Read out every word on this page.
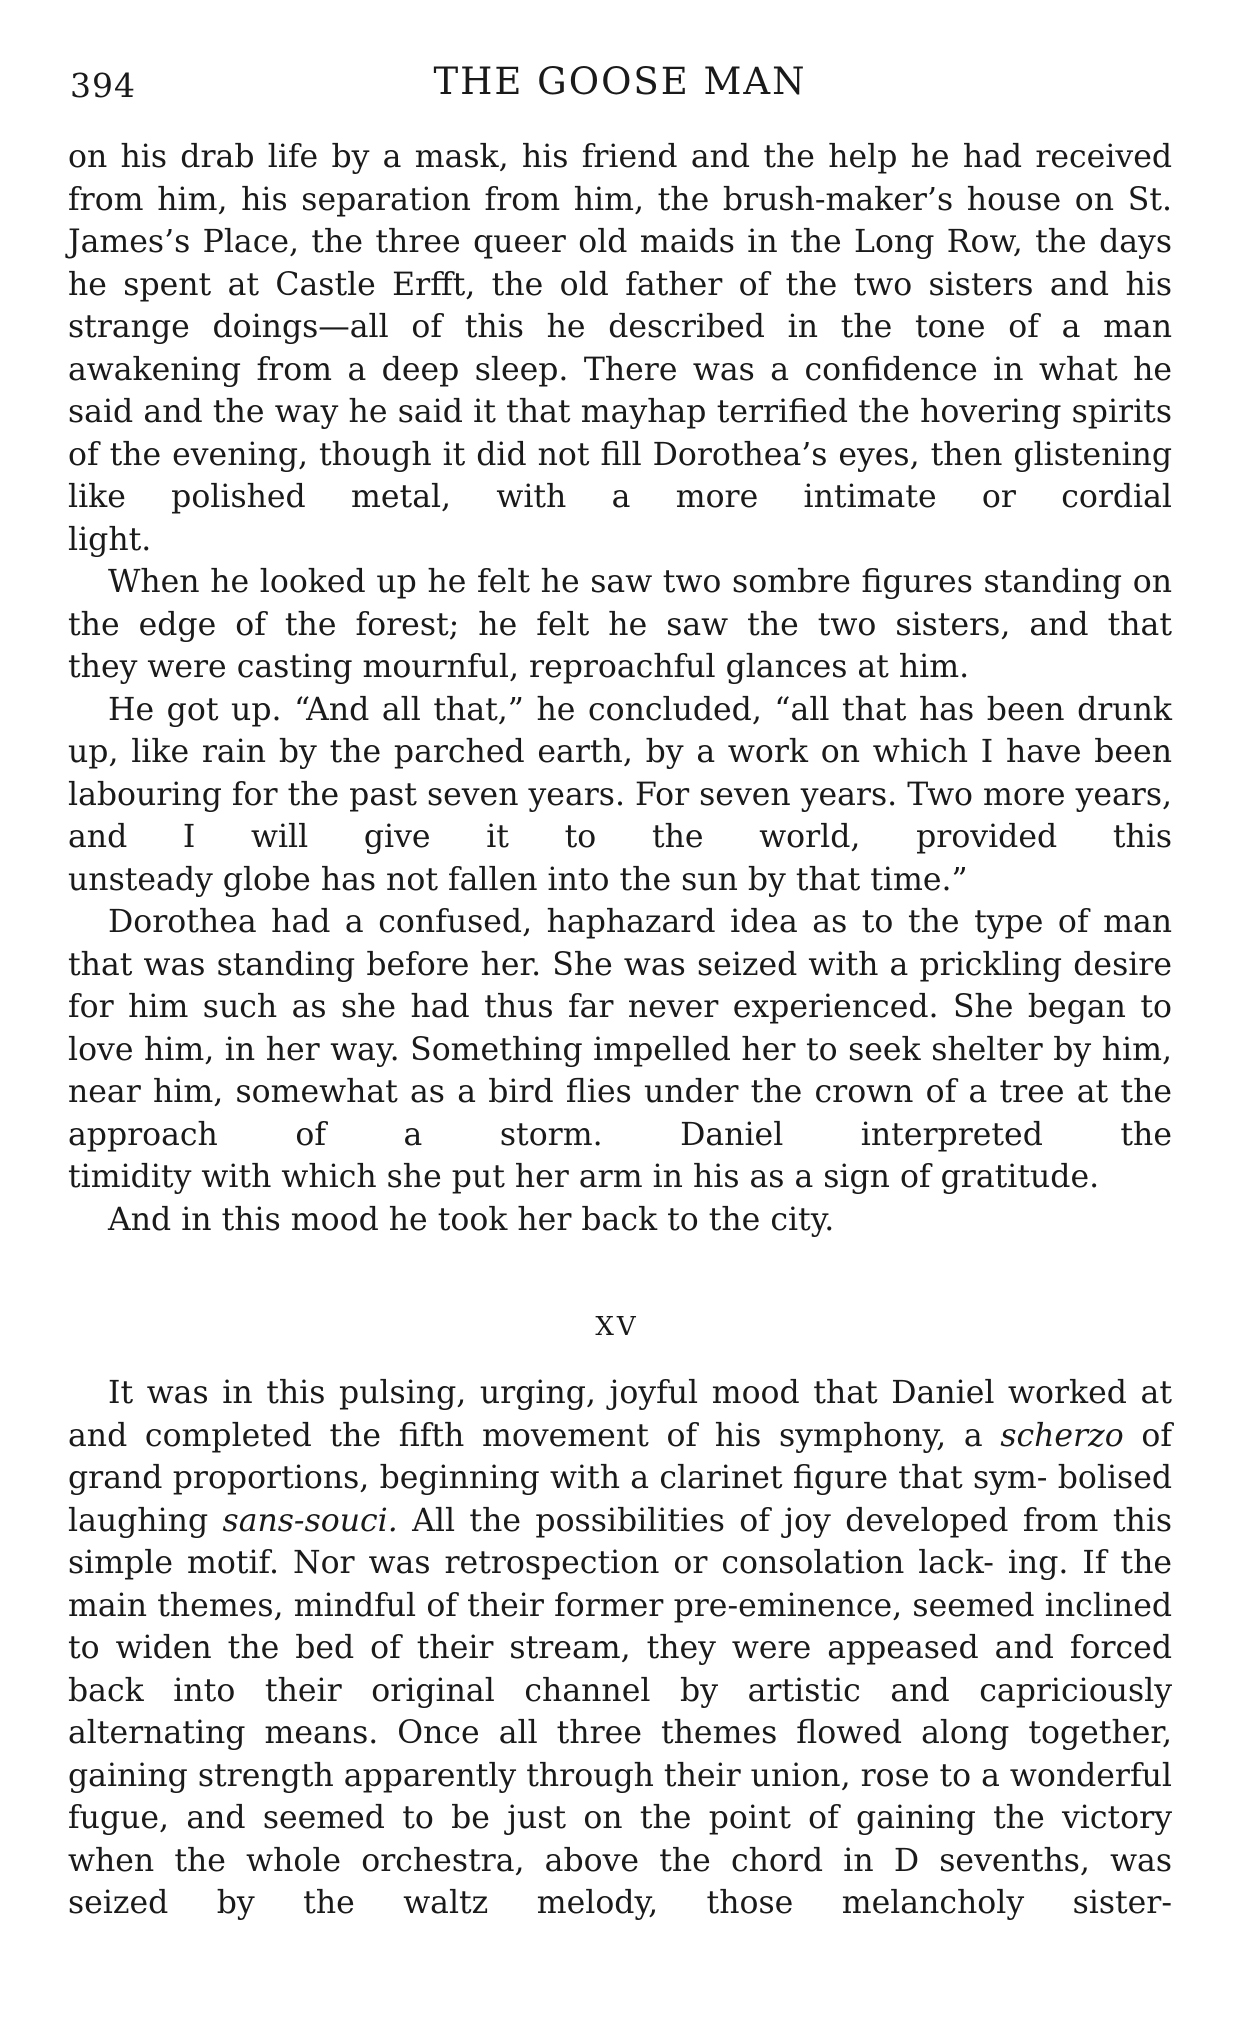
394	THE GOOSE MAN

on his drab life by a mask, his friend and the help he had received from him, his separation from him, the brush-maker’s house on St. James’s Place, the three queer old maids in the Long Row, the days he spent at Castle Erfft, the old father of the two sisters and his strange doings—all of this he described in the tone of a man awakening from a deep sleep. There was a confidence in what he said and the way he said it that mayhap terrified the hovering spirits of the evening, though it did not fill Dorothea’s eyes, then glistening like polished metal, with a more intimate or cordial

light.

When he looked up he felt he saw two sombre figures standing on the edge of the forest; he felt he saw the two sisters, and that

they were casting mournful, reproachful glances at him.

He got up. “And all that,” he concluded, “all that has been drunk up, like rain by the parched earth, by a work on which I have been labouring for the past seven years. For seven years. Two more years, and I will give it to the world, provided this

unsteady globe has not fallen into the sun by that time.”

Dorothea had a confused, haphazard idea as to the type of man that was standing before her. She was seized with a prickling desire for him such as she had thus far never experienced. She began to love him, in her way. Something impelled her to seek shelter by him, near him, somewhat as a bird flies under the crown of a tree at the approach of a storm. Daniel interpreted the

timidity with which she put her arm in his as a sign of gratitude.

And in this mood he took her back to the city.

XV

It was in this pulsing, urging, joyful mood that Daniel worked at and completed the fifth movement of his symphony, a scherzo of grand proportions, beginning with a clarinet figure that sym- bolised laughing sans-souci. All the possibilities of joy developed from this simple motif. Nor was retrospection or consolation lack- ing. If the main themes, mindful of their former pre-eminence, seemed inclined to widen the bed of their stream, they were appeased and forced back into their original channel by artistic and capriciously alternating means. Once all three themes flowed along together, gaining strength apparently through their union, rose to a wonderful fugue, and seemed to be just on the point of gaining the victory when the whole orchestra, above the chord in D sevenths, was seized by the waltz melody, those melancholy sister-
